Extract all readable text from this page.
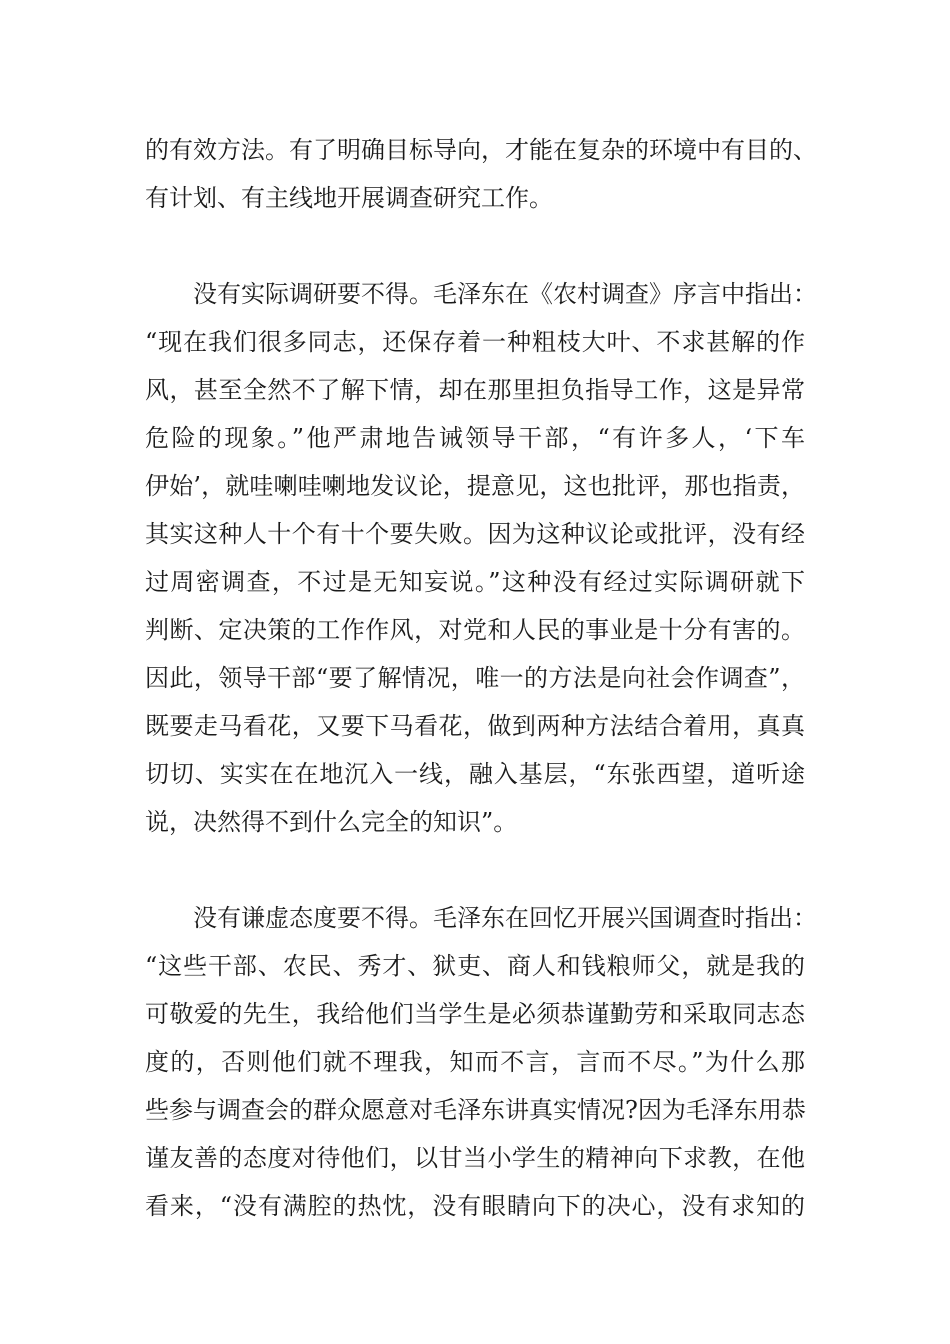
的有效方法。有了明确目标导向，才能在复杂的环境中有目的、
有计划、有主线地开展调查研究工作。
没有实际调研要不得。毛泽东在《农村调查》序言中指出：
“现在我们很多同志，还保存着一种粗枝大叶、不求甚解的作
风，甚至全然不了解下情，却在那里担负指导工作，这是异常
危险的现象。”他严肃地告诫领导干部，“有许多人，‘下车
伊始’，就哇喇哇喇地发议论，提意见，这也批评，那也指责，
其实这种人十个有十个要失败。因为这种议论或批评，没有经
过周密调查，不过是无知妄说。”这种没有经过实际调研就下
判断、定决策的工作作风，对党和人民的事业是十分有害的。
因此，领导干部“要了解情况，唯一的方法是向社会作调查”，
既要走马看花，又要下马看花，做到两种方法结合着用，真真
切切、实实在在地沉入一线，融入基层，“东张西望，道听途
说，决然得不到什么完全的知识”。
没有谦虚态度要不得。毛泽东在回忆开展兴国调查时指出：
“这些干部、农民、秀才、狱吏、商人和钱粮师父，就是我的
可敬爱的先生，我给他们当学生是必须恭谨勤劳和采取同志态
度的，否则他们就不理我，知而不言，言而不尽。”为什么那
些参与调查会的群众愿意对毛泽东讲真实情况?因为毛泽东用恭
谨友善的态度对待他们，以甘当小学生的精神向下求教，在他
看来，“没有满腔的热忱，没有眼睛向下的决心，没有求知的
